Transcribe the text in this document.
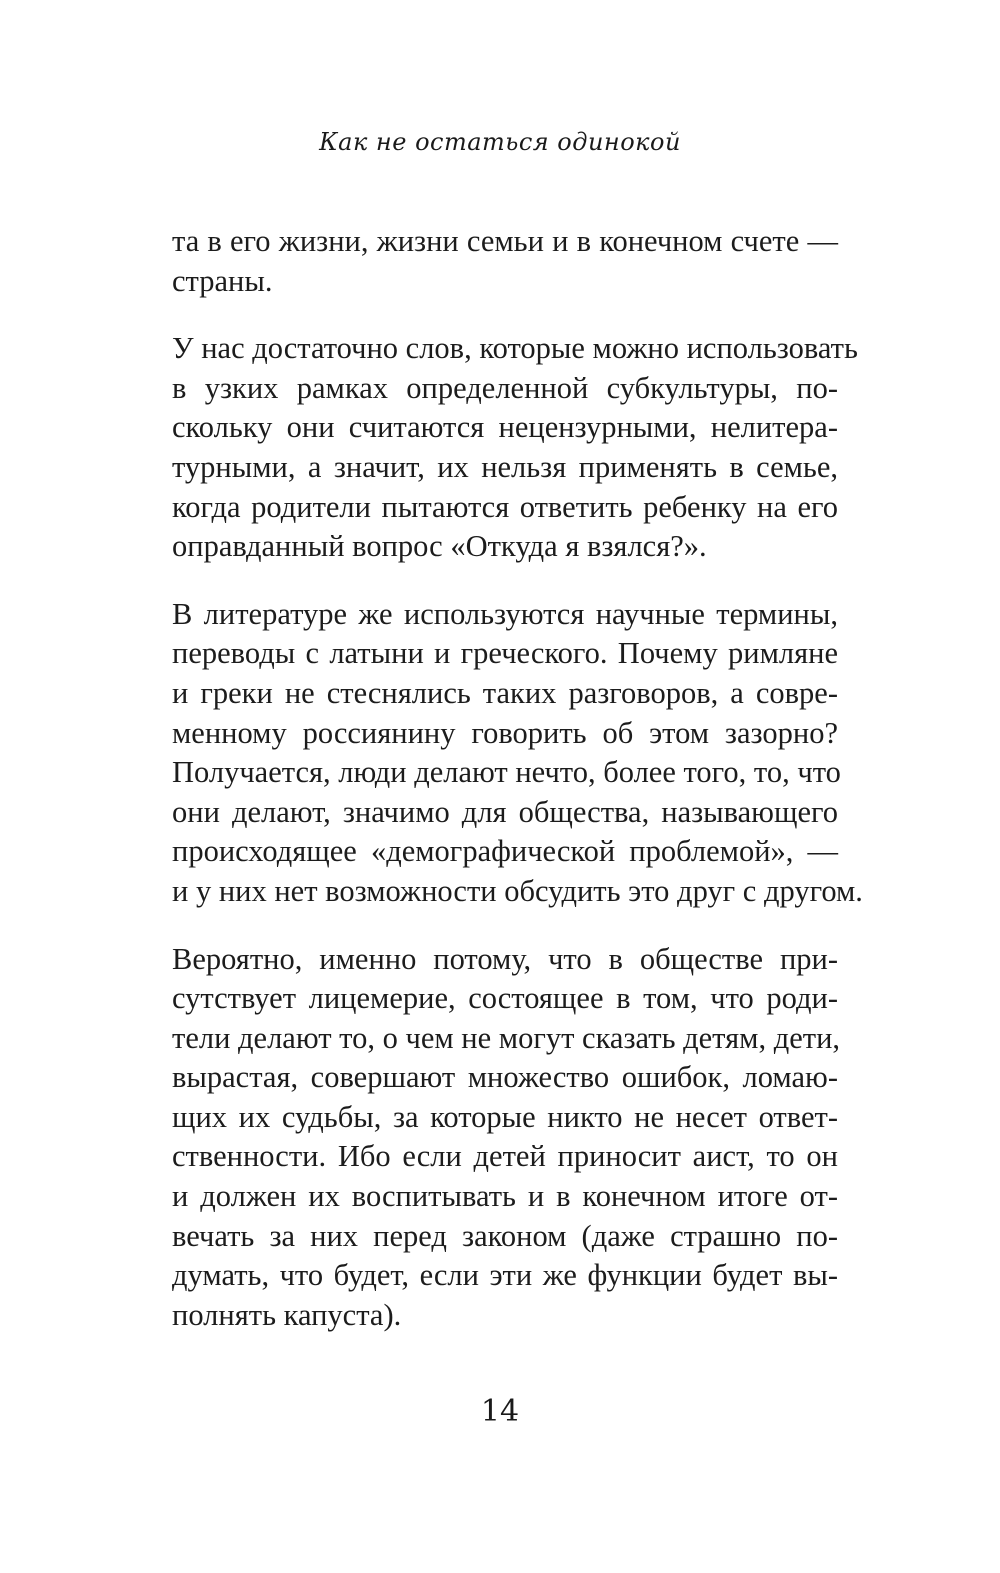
Как не остаться одинокой

та в его жизни, жизни семьи и в конечном счете —
страны.

У нас достаточно слов, которые можно использовать
в узких рамках определенной субкультуры, по-
скольку они считаются нецензурными, нелитера-
турными, а значит, их нельзя применять в семье,
когда родители пытаются ответить ребенку на его
оправданный вопрос «Откуда я взялся?».

В литературе же используются научные термины,
переводы с латыни и греческого. Почему римляне
и греки не стеснялись таких разговоров, а совре-
менному россиянину говорить об этом зазорно?
Получается, люди делают нечто, более того, то, что
они делают, значимо для общества, называющего
происходящее «демографической проблемой», —
и у них нет возможности обсудить это друг с другом.

Вероятно, именно потому, что в обществе при-
сутствует лицемерие, состоящее в том, что роди-
тели делают то, о чем не могут сказать детям, дети,
вырастая, совершают множество ошибок, ломаю-
щих их судьбы, за которые никто не несет ответ-
ственности. Ибо если детей приносит аист, то он
и должен их воспитывать и в конечном итоге от-
вечать за них перед законом (даже страшно по-
думать, что будет, если эти же функции будет вы-
полнять капуста).

14
